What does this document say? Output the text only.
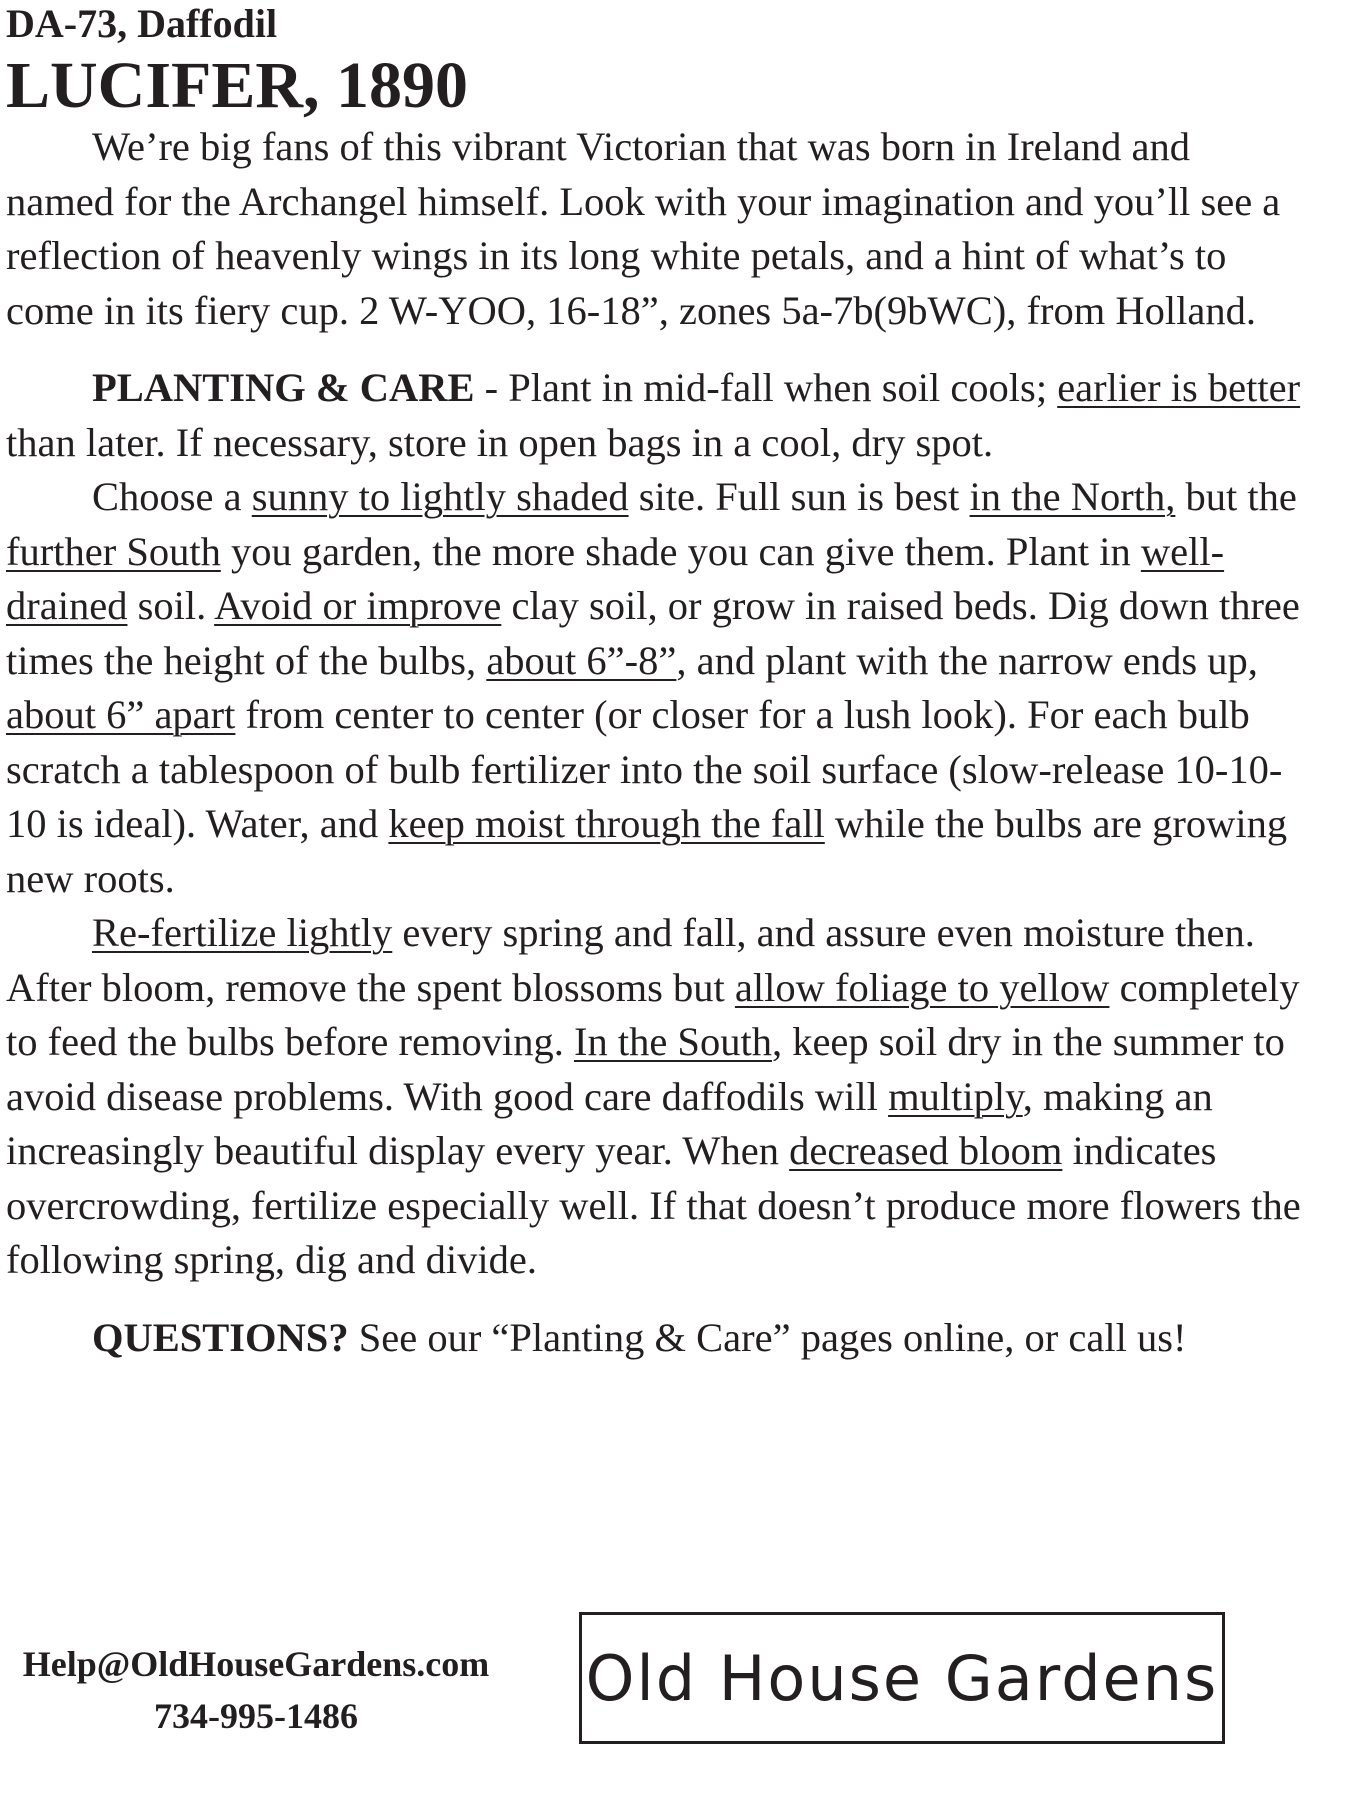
DA-73, Daffodil

LUCIFER, 1890

We’re big fans of this vibrant Victorian that was born in Ireland and named for the Archangel himself. Look with your imagination and you’ll see a reflection of heavenly wings in its long white petals, and a hint of what’s to come in its fiery cup. 2 W-YOO, 16-18”, zones 5a-7b(9bWC), from Holland.

PLANTING & CARE - Plant in mid-fall when soil cools; earlier is better than later. If necessary, store in open bags in a cool, dry spot.

Choose a sunny to lightly shaded site. Full sun is best in the North, but the further South you garden, the more shade you can give them. Plant in well-drained soil. Avoid or improve clay soil, or grow in raised beds. Dig down three times the height of the bulbs, about 6”-8”, and plant with the narrow ends up, about 6” apart from center to center (or closer for a lush look). For each bulb scratch a tablespoon of bulb fertilizer into the soil surface (slow-release 10-10-10 is ideal). Water, and keep moist through the fall while the bulbs are growing new roots.

Re-fertilize lightly every spring and fall, and assure even moisture then. After bloom, remove the spent blossoms but allow foliage to yellow completely to feed the bulbs before removing. In the South, keep soil dry in the summer to avoid disease problems. With good care daffodils will multiply, making an increasingly beautiful display every year. When decreased bloom indicates overcrowding, fertilize especially well. If that doesn’t produce more flowers the following spring, dig and divide.

QUESTIONS? See our “Planting & Care” pages online, or call us!

Help@OldHouseGardens.com
734-995-1486
Old House Gardens
